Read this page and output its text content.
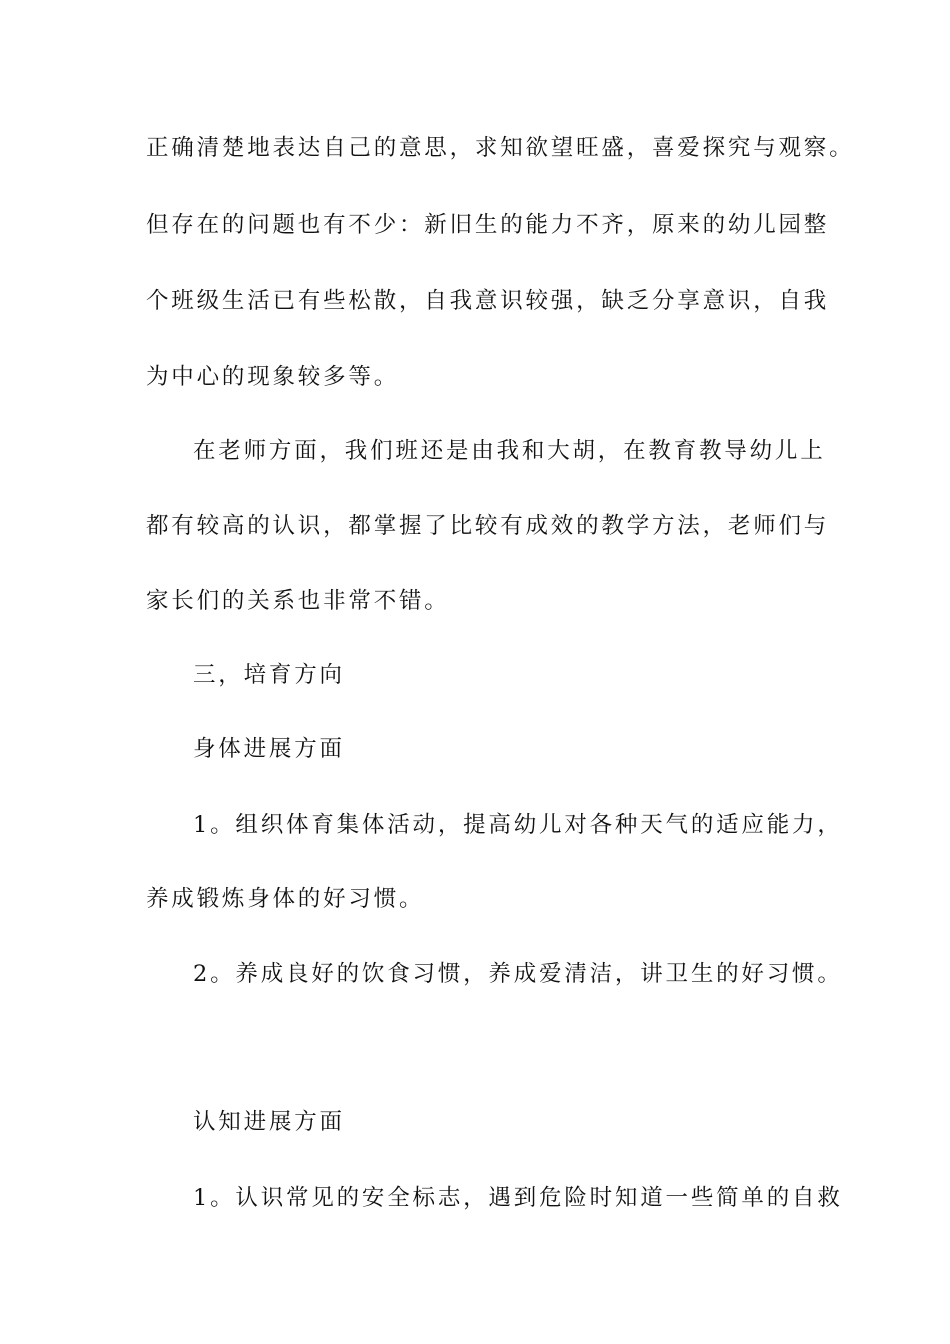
正确清楚地表达自己的意思，求知欲望旺盛，喜爱探究与观察。
但存在的问题也有不少：新旧生的能力不齐，原来的幼儿园整
个班级生活已有些松散，自我意识较强，缺乏分享意识，自我
为中心的现象较多等。
在老师方面，我们班还是由我和大胡，在教育教导幼儿上
都有较高的认识，都掌握了比较有成效的教学方法，老师们与
家长们的关系也非常不错。
三，培育方向
身体进展方面
1。组织体育集体活动，提高幼儿对各种天气的适应能力，
养成锻炼身体的好习惯。
2。养成良好的饮食习惯，养成爱清洁，讲卫生的好习惯。
认知进展方面
1。认识常见的安全标志，遇到危险时知道一些简单的自救
